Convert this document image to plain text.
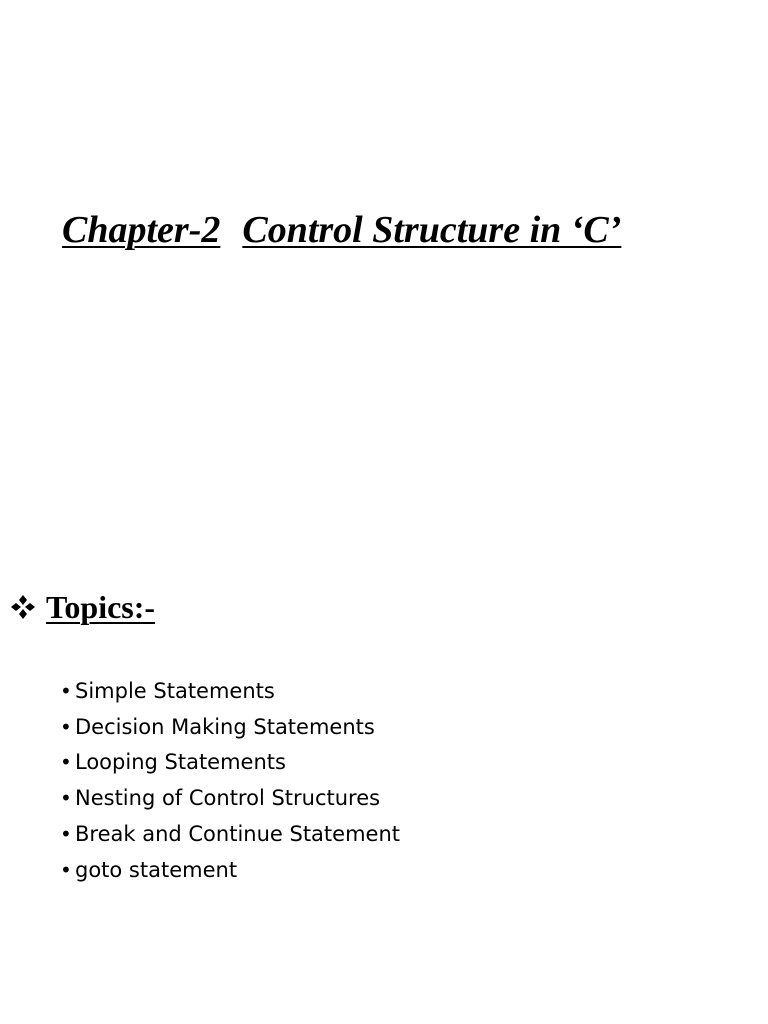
Chapter-2 Control Structure in ‘C’
Topics:-
• Simple Statements
• Decision Making Statements
• Looping Statements
• Nesting of Control Structures
• Break and Continue Statement
• goto statement
